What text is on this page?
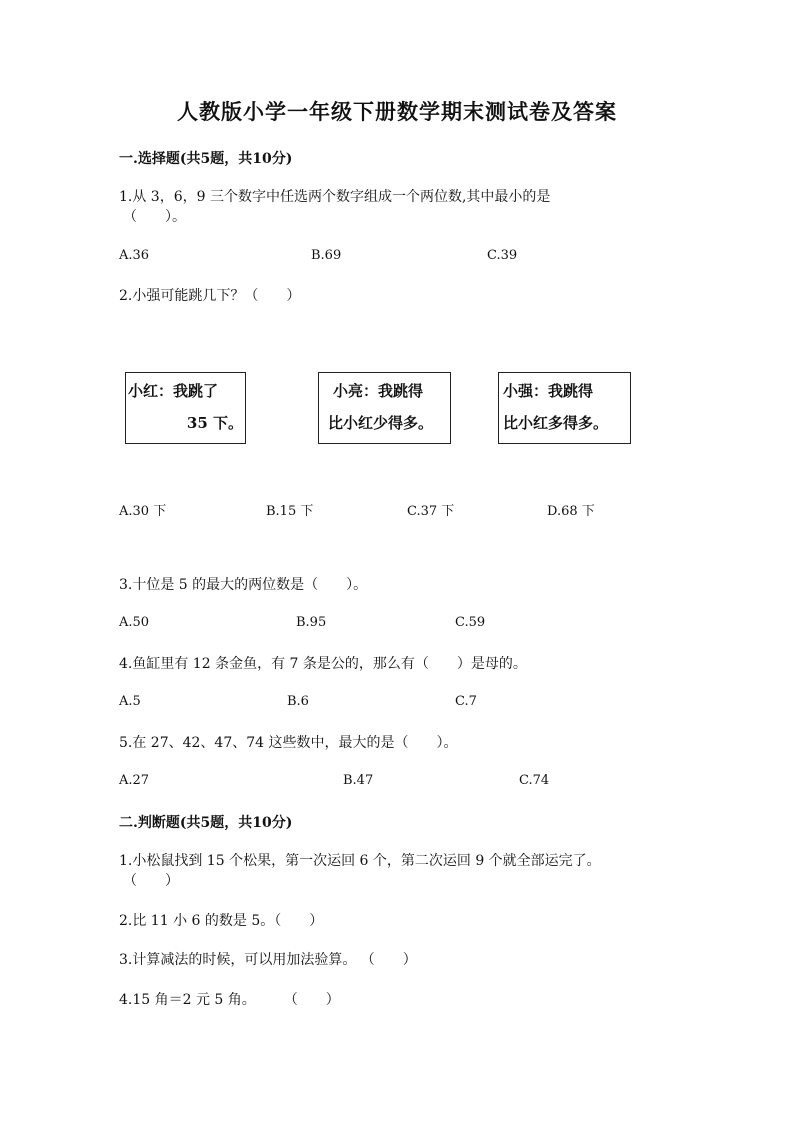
人教版小学一年级下册数学期末测试卷及答案
一.选择题(共5题，共10分)
1.从 3，6，9 三个数字中任选两个数字组成一个两位数,其中最小的是
（　　）。
A.36	B.69	C.39
2.小强可能跳几下？（　　）
小红：我跳了
35 下。
小亮：我跳得
比小红少得多。
小强：我跳得
比小红多得多。
A.30 下	B.15 下	C.37 下	D.68 下
3.十位是 5 的最大的两位数是（　　）。
A.50	B.95	C.59
4.鱼缸里有 12 条金鱼，有 7 条是公的，那么有（　　）是母的。
A.5	B.6	C.7
5.在 27、42、47、74 这些数中，最大的是（　　）。
A.27	B.47	C.74
二.判断题(共5题，共10分)
1.小松鼠找到 15 个松果，第一次运回 6 个，第二次运回 9 个就全部运完了。
（　　）
2.比 11 小 6 的数是 5。（　　）
3.计算减法的时候，可以用加法验算。 （　　）
4.15 角＝2 元 5 角。　　　（　　）
